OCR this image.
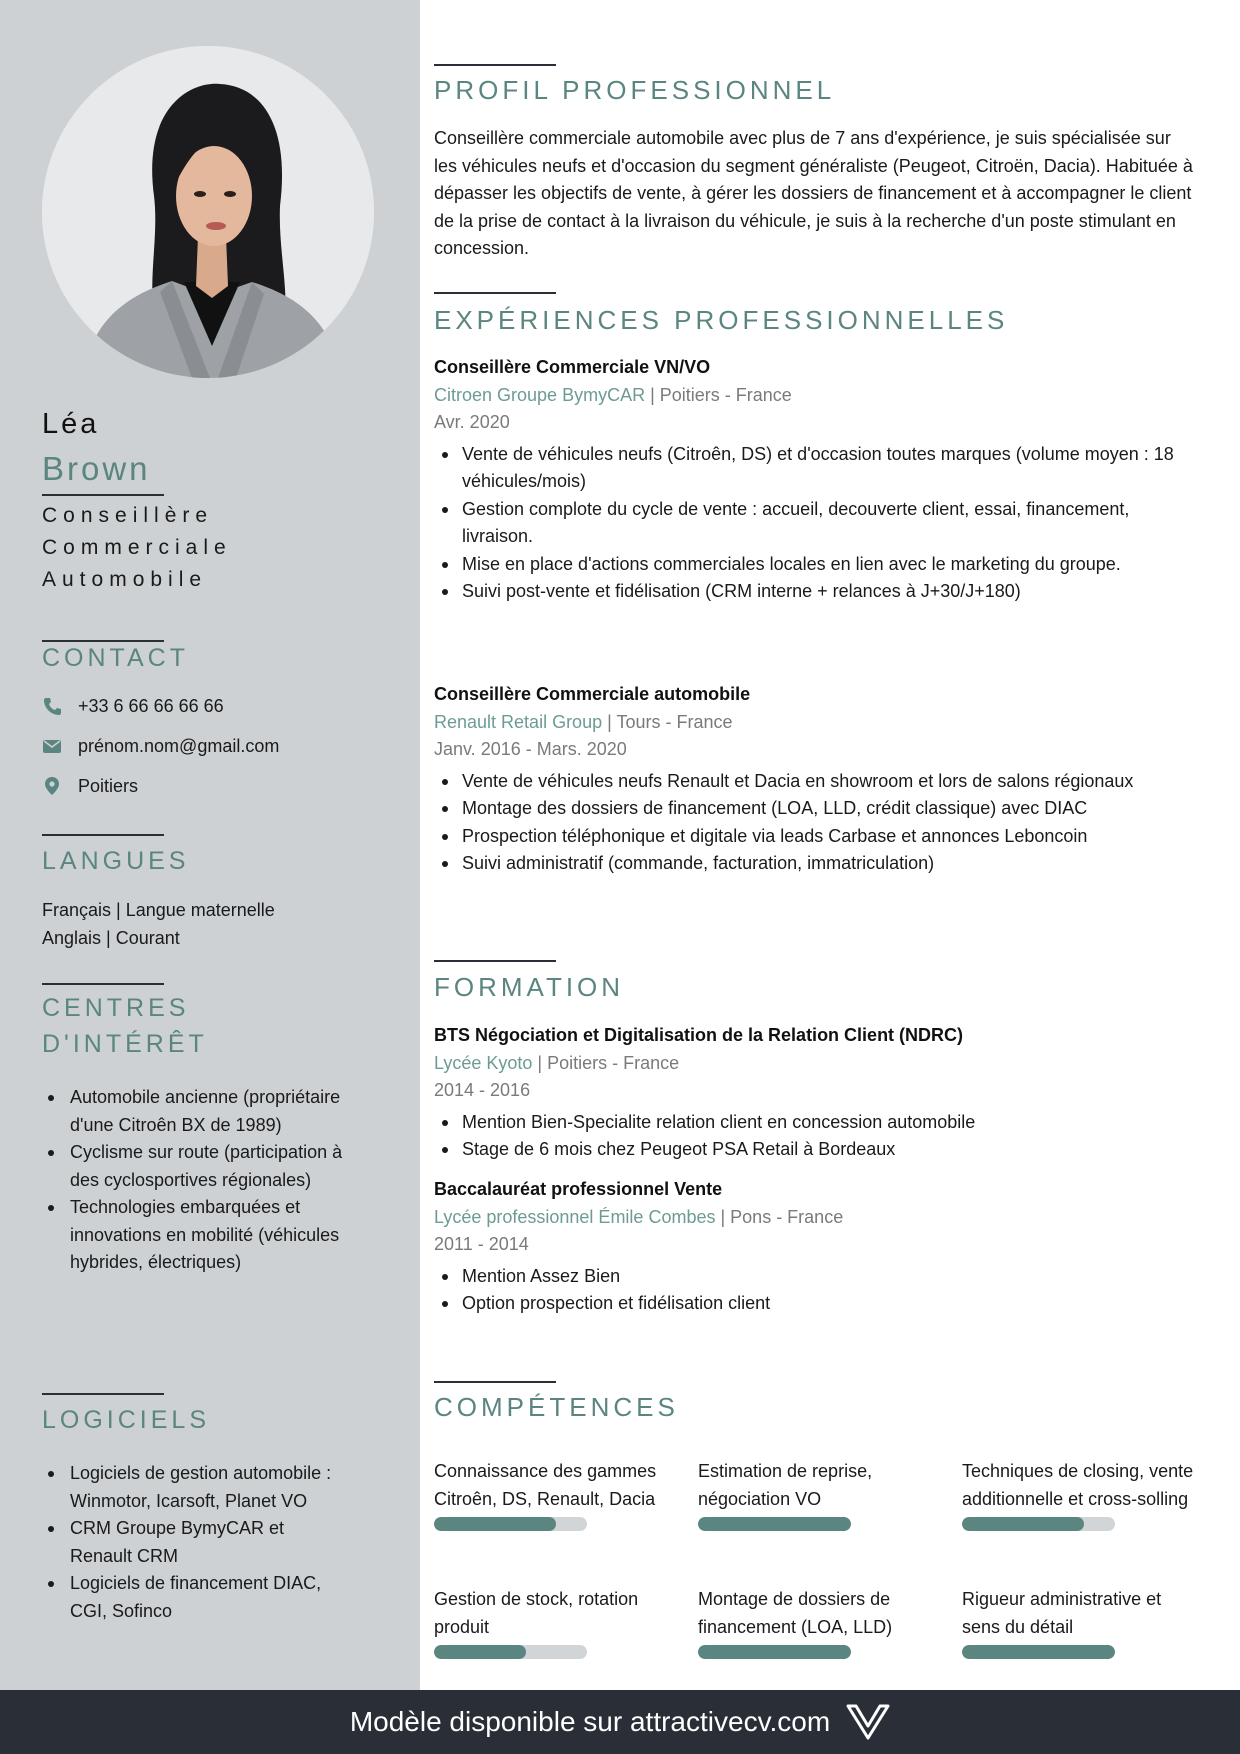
Léa
Brown
Conseillère
Commerciale
Automobile
CONTACT
+33 6 66 66 66 66
prénom.nom@gmail.com
Poitiers
LANGUES
Français | Langue maternelle
Anglais | Courant
CENTRES
D'INTÉRÊT
Automobile ancienne (propriétaire d'une Citroên BX de 1989)
Cyclisme sur route (participation à des cyclosportives régionales)
Technologies embarquées et innovations en mobilité (véhicules hybrides, électriques)
LOGICIELS
Logiciels de gestion automobile : Winmotor, Icarsoft, Planet VO
CRM Groupe BymyCAR et Renault CRM
Logiciels de financement DIAC, CGI, Sofinco
PROFIL PROFESSIONNEL

Conseillère commerciale automobile avec plus de 7 ans d'expérience, je suis spécialisée sur les véhicules neufs et d'occasion du segment généraliste (Peugeot, Citroën, Dacia). Habituée à dépasser les objectifs de vente, à gérer les dossiers de financement et à accompagner le client de la prise de contact à la livraison du véhicule, je suis à la recherche d'un poste stimulant en concession.

EXPÉRIENCES PROFESSIONNELLES
Conseillère Commerciale VN/VO
Citroen Groupe BymyCAR | Poitiers - France
Avr. 2020
Vente de véhicules neufs (Citroên, DS) et d'occasion toutes marques (volume moyen : 18 véhicules/mois)
Gestion complote du cycle de vente : accueil, decouverte client, essai, financement, livraison.
Mise en place d'actions commerciales locales en lien avec le marketing du groupe.
Suivi post-vente et fidélisation (CRM interne + relances à J+30/J+180)
Conseillère Commerciale automobile
Renault Retail Group | Tours - France
Janv. 2016 - Mars. 2020
Vente de véhicules neufs Renault et Dacia en showroom et lors de salons régionaux
Montage des dossiers de financement (LOA, LLD, crédit classique) avec DIAC
Prospection téléphonique et digitale via leads Carbase et annonces Leboncoin
Suivi administratif (commande, facturation, immatriculation)
FORMATION
BTS Négociation et Digitalisation de la Relation Client (NDRC)
Lycée Kyoto | Poitiers - France
2014 - 2016
Mention Bien-Specialite relation client en concession automobile
Stage de 6 mois chez Peugeot PSA Retail à Bordeaux
Baccalauréat professionnel Vente
Lycée professionnel Émile Combes | Pons - France
2011 - 2014
Mention Assez Bien
Option prospection et fidélisation client
COMPÉTENCES
Connaissance des gammes Citroên, DS, Renault, Dacia
Estimation de reprise, négociation VO
Techniques de closing, vente additionnelle et cross-solling
Gestion de stock, rotation produit
Montage de dossiers de financement (LOA, LLD)
Rigueur administrative et sens du détail
Modèle disponible sur attractivecv.com
